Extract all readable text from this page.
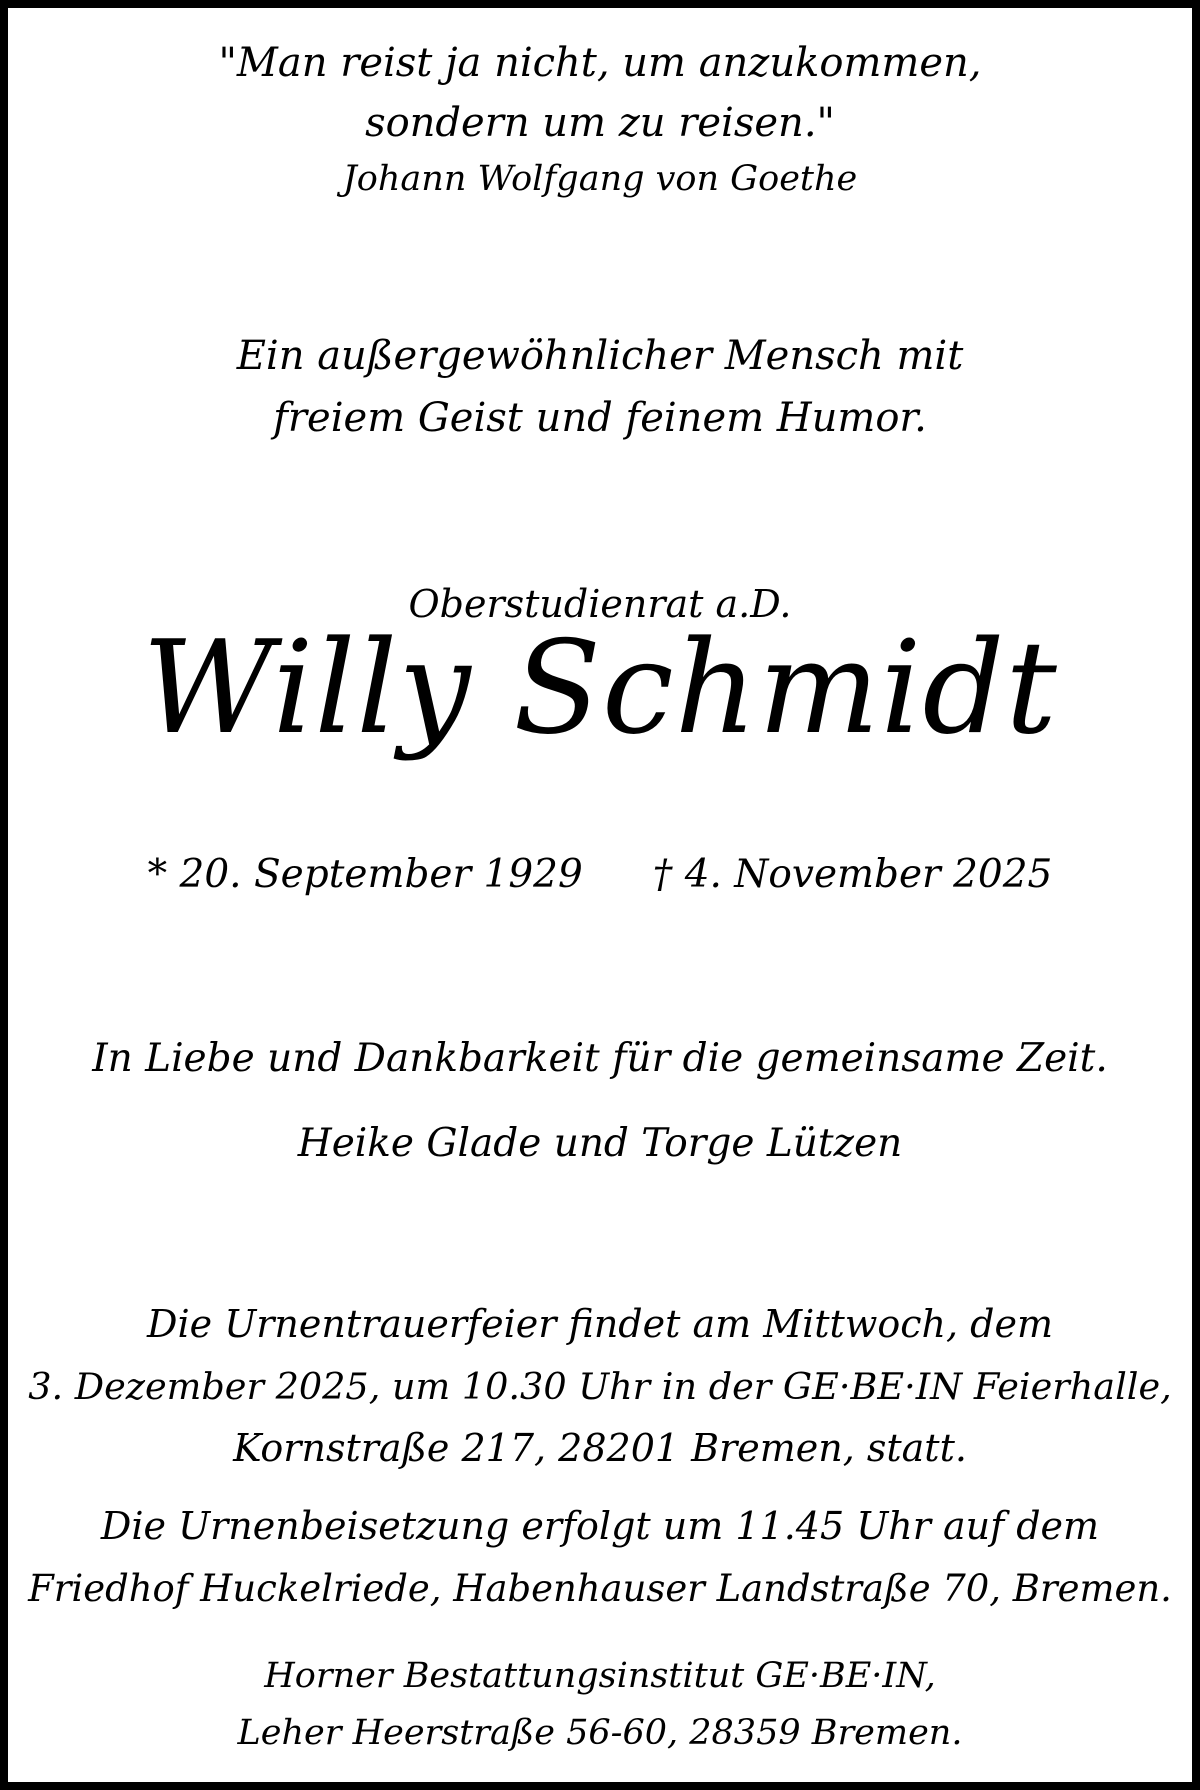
"Man reist ja nicht, um anzukommen,
sondern um zu reisen."
Johann Wolfgang von Goethe
Ein außergewöhnlicher Mensch mit
freiem Geist und feinem Humor.
Oberstudienrat a.D.
Willy Schmidt
* 20. September 1929 † 4. November 2025
In Liebe und Dankbarkeit für die gemeinsame Zeit.
Heike Glade und Torge Lützen
Die Urnentrauerfeier findet am Mittwoch, dem
3. Dezember 2025, um 10.30 Uhr in der GE·BE·IN Feierhalle,
Kornstraße 217, 28201 Bremen, statt.
Die Urnenbeisetzung erfolgt um 11.45 Uhr auf dem
Friedhof Huckelriede, Habenhauser Landstraße 70, Bremen.
Horner Bestattungsinstitut GE·BE·IN,
Leher Heerstraße 56-60, 28359 Bremen.
